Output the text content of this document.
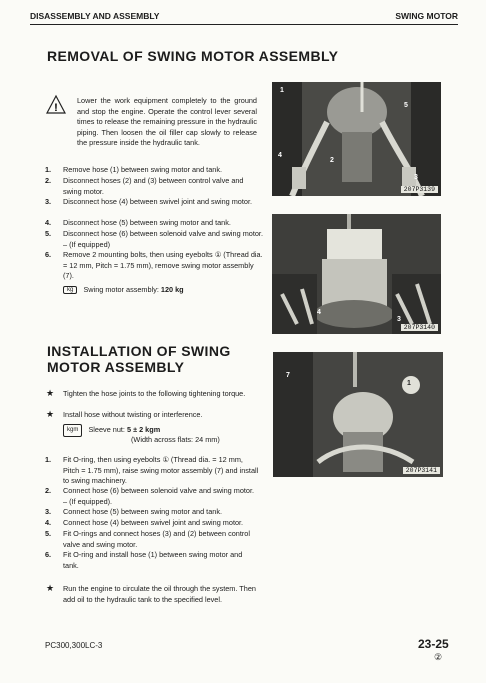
DISASSEMBLY AND ASSEMBLY	SWING MOTOR
REMOVAL OF SWING MOTOR ASSEMBLY
!
Lower the work equipment completely to the ground and stop the engine. Operate the control lever several times to release the remaining pressure in the hydraulic piping. Then loosen the oil filler cap slowly to release the pressure inside the hydraulic tank.
1. Remove hose (1) between swing motor and tank.
2. Disconnect hoses (2) and (3) between control valve and swing motor.
3. Disconnect hose (4) between swivel joint and swing motor.
4. Disconnect hose (5) between swing motor and tank.
5. Disconnect hose (6) between solenoid valve and swing motor. – (If equipped)
6. Remove 2 mounting bolts, then using eyebolts ① (Thread dia. = 12 mm, Pitch = 1.75 mm), remove swing motor assembly (7).
kg Swing motor assembly: 120 kg
INSTALLATION OF SWING
MOTOR ASSEMBLY
★ Tighten the hose joints to the following tightening torque.
★ Install hose without twisting or interference.
kgm Sleeve nut: 5 ± 2 kgm
(Width across flats: 24 mm)
1. Fit O-ring, then using eyebolts ① (Thread dia. = 12 mm, Pitch = 1.75 mm), raise swing motor assembly (7) and install to swing machinery.
2. Connect hose (6) between solenoid valve and swing motor. – (If equipped).
3. Connect hose (5) between swing motor and tank.
4. Connect hose (4) between swivel joint and swing motor.
5. Fit O-rings and connect hoses (3) and (2) between control valve and swing motor.
6. Fit O-ring and install hose (1) between swing motor and tank.
★ Run the engine to circulate the oil through the system. Then add oil to the hydraulic tank to the specified level.
1
4
2
5
3
207P3139
4
3
207P3140
7
1
207P3141
PC300,300LC-3	23-25
②
